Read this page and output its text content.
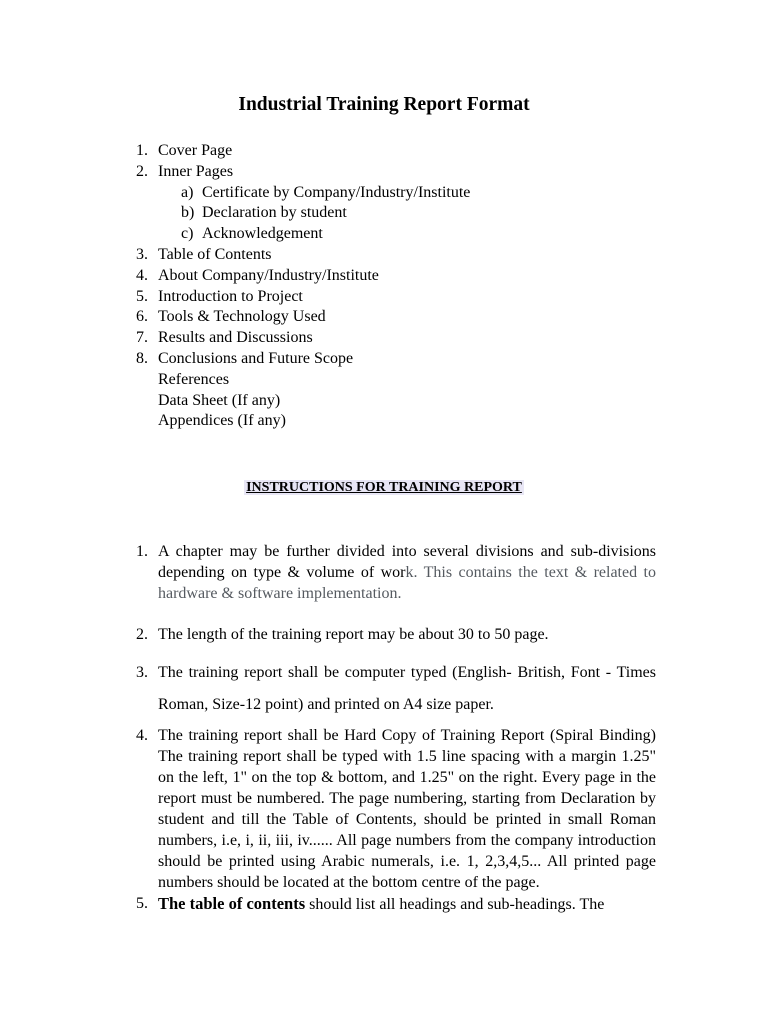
Industrial Training Report Format
1. Cover Page
2. Inner Pages
a) Certificate by Company/Industry/Institute
b) Declaration by student
c) Acknowledgement
3. Table of Contents
4. About Company/Industry/Institute
5. Introduction to Project
6. Tools & Technology Used
7. Results and Discussions
8. Conclusions and Future Scope
References
Data Sheet (If any)
Appendices (If any)
INSTRUCTIONS FOR TRAINING REPORT
1. A chapter may be further divided into several divisions and sub-divisions depending on type & volume of work. This contains the text & related to hardware & software implementation.
2. The length of the training report may be about 30 to 50 page.
3. The training report shall be computer typed (English- British, Font - Times Roman, Size-12 point) and printed on A4 size paper.
4. The training report shall be Hard Copy of Training Report (Spiral Binding) The training report shall be typed with 1.5 line spacing with a margin 1.25" on the left, 1" on the top & bottom, and 1.25" on the right. Every page in the report must be numbered. The page numbering, starting from Declaration by student and till the Table of Contents, should be printed in small Roman numbers, i.e, i, ii, iii, iv...... All page numbers from the company introduction should be printed using Arabic numerals, i.e. 1, 2,3,4,5... All printed page numbers should be located at the bottom centre of the page.
5. The table of contents should list all headings and sub-headings. The
